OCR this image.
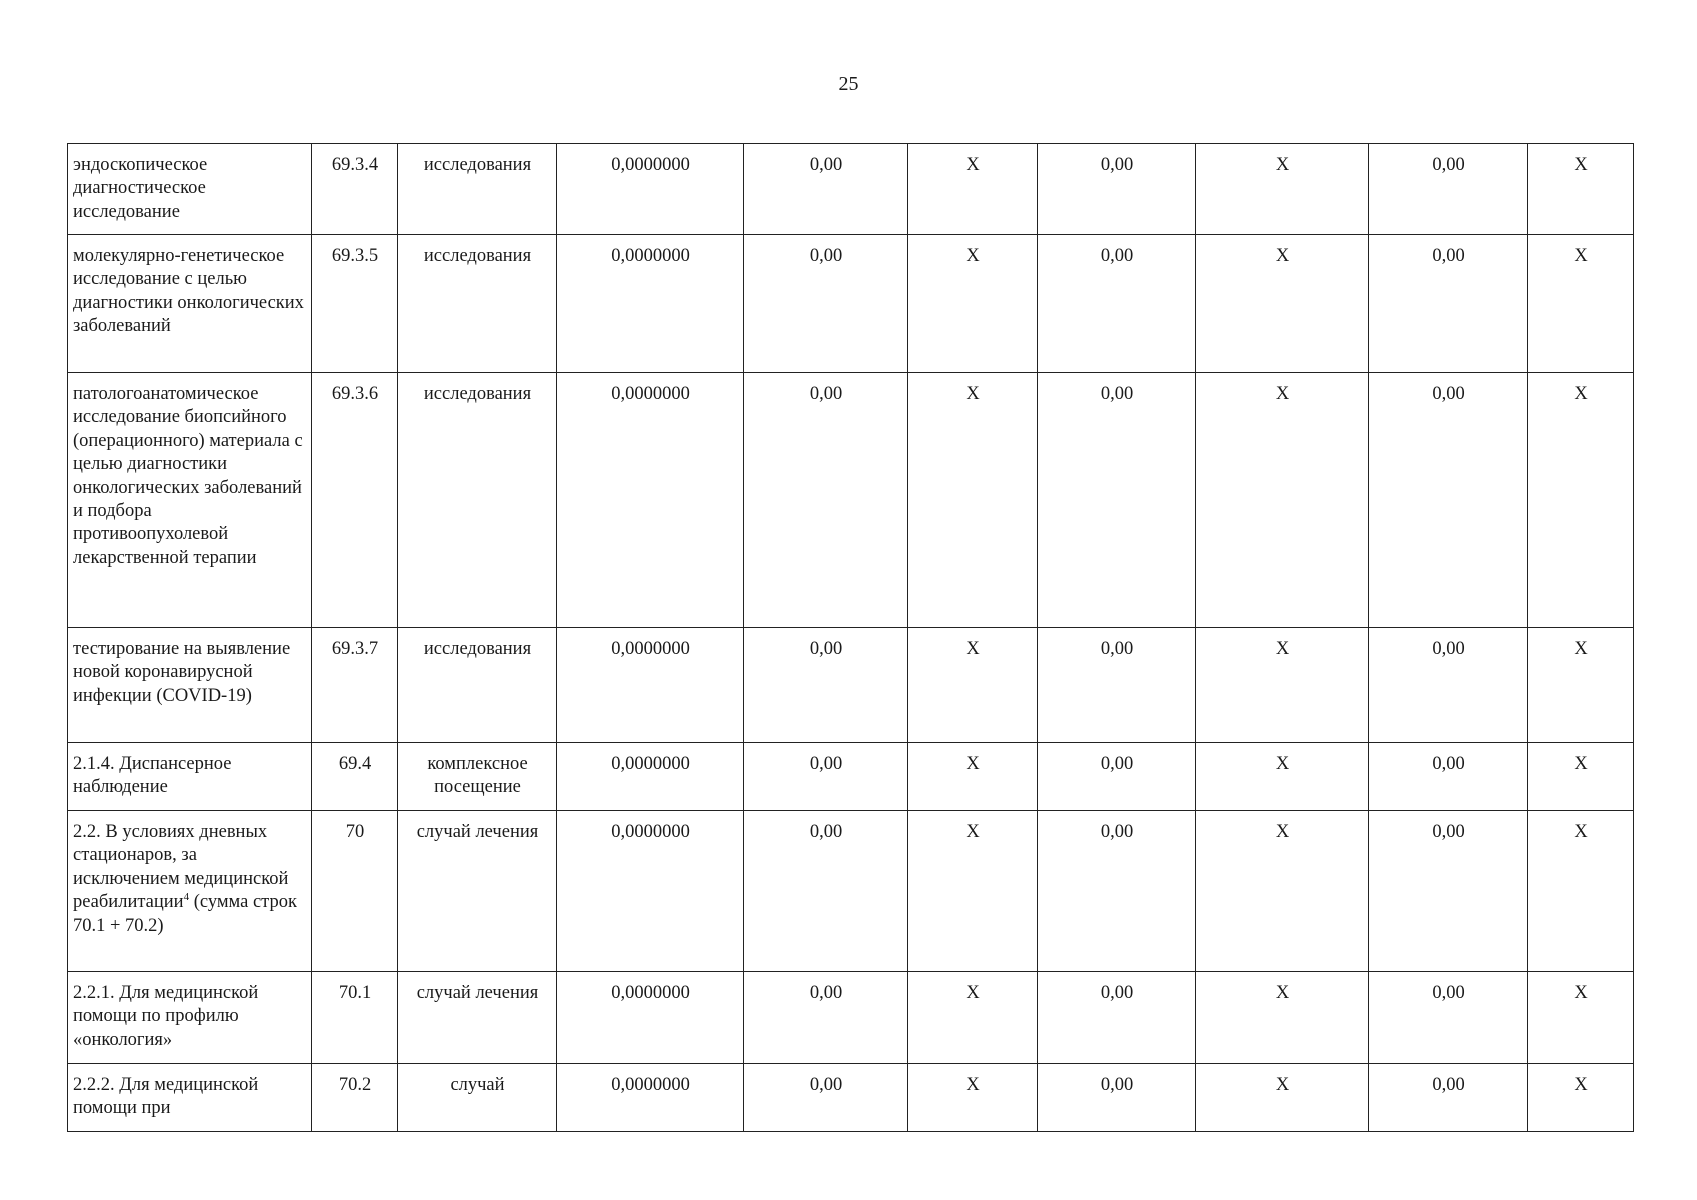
25
эндоскопическое диагностическое исследование	69.3.4	исследования	0,0000000	0,00	X	0,00	X	0,00	X
молекулярно-генетическое исследование с целью диагностики онкологических заболеваний	69.3.5	исследования	0,0000000	0,00	X	0,00	X	0,00	X
патологоанатомическое исследование биопсийного (операционного) материала с целью диагностики онкологических заболеваний и подбора противоопухолевой лекарственной терапии	69.3.6	исследования	0,0000000	0,00	X	0,00	X	0,00	X
тестирование на выявление новой коронавирусной инфекции (COVID-19)	69.3.7	исследования	0,0000000	0,00	X	0,00	X	0,00	X
2.1.4. Диспансерное наблюдение	69.4	комплексное посещение	0,0000000	0,00	X	0,00	X	0,00	X
2.2. В условиях дневных стационаров, за исключением медицинской реабилитации$^4$ (сумма строк 70.1 + 70.2)	70	случай лечения	0,0000000	0,00	X	0,00	X	0,00	X
2.2.1. Для медицинской помощи по профилю «онкология»	70.1	случай лечения	0,0000000	0,00	X	0,00	X	0,00	X
2.2.2. Для медицинской помощи при	70.2	случай	0,0000000	0,00	X	0,00	X	0,00	X
